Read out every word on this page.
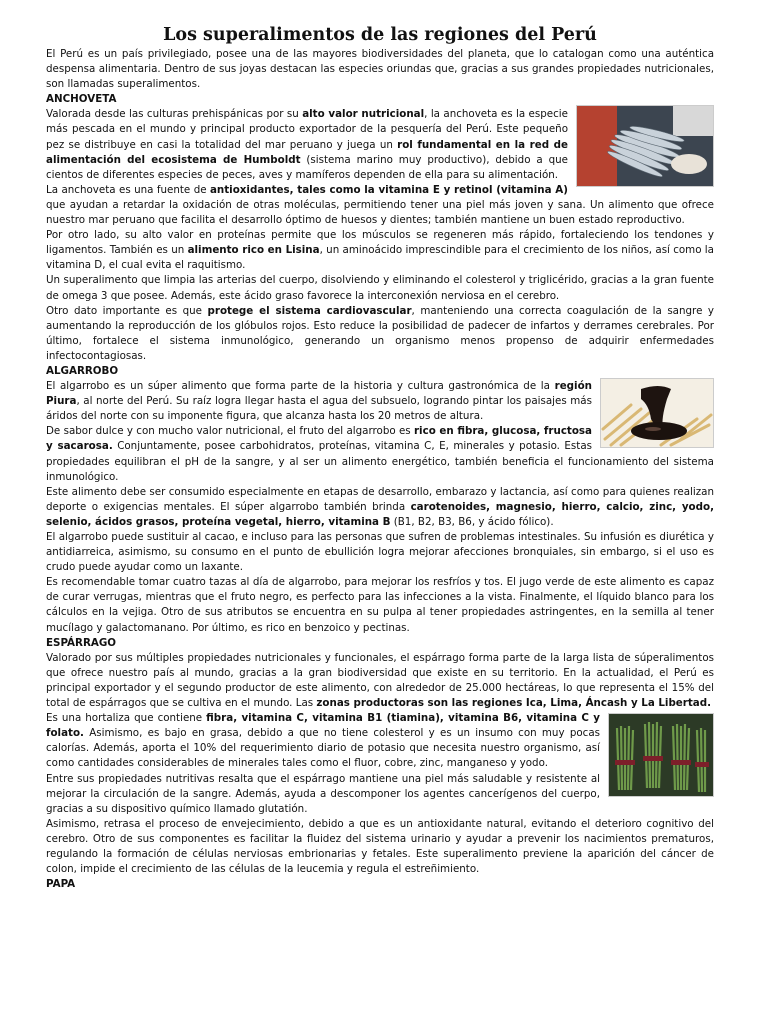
Los superalimentos de las regiones del Perú

El Perú es un país privilegiado, posee una de las mayores biodiversidades del planeta, que lo catalogan como una auténtica despensa alimentaria. Dentro de sus joyas destacan las especies oriundas que, gracias a sus grandes propiedades nutricionales, son llamadas superalimentos.

ANCHOVETA

Valorada desde las culturas prehispánicas por su alto valor nutricional, la anchoveta es la especie más pescada en el mundo y principal producto exportador de la pesquería del Perú. Este pequeño pez se distribuye en casi la totalidad del mar peruano y juega un rol fundamental en la red de alimentación del ecosistema de Humboldt (sistema marino muy productivo), debido a que cientos de diferentes especies de peces, aves y mamíferos dependen de ella para su alimentación.

La anchoveta es una fuente de antioxidantes, tales como la vitamina E y retinol (vitamina A) que ayudan a retardar la oxidación de otras moléculas, permitiendo tener una piel más joven y sana. Un alimento que ofrece nuestro mar peruano que facilita el desarrollo óptimo de huesos y dientes; también mantiene un buen estado reproductivo.

Por otro lado, su alto valor en proteínas permite que los músculos se regeneren más rápido, fortaleciendo los tendones y ligamentos. También es un alimento rico en Lisina, un aminoácido imprescindible para el crecimiento de los niños, así como la vitamina D, el cual evita el raquitismo.

Un superalimento que limpia las arterias del cuerpo, disolviendo y eliminando el colesterol y triglicérido, gracias a la gran fuente de omega 3 que posee. Además, este ácido graso favorece la interconexión nerviosa en el cerebro.

Otro dato importante es que protege el sistema cardiovascular, manteniendo una correcta coagulación de la sangre y aumentando la reproducción de los glóbulos rojos. Esto reduce la posibilidad de padecer de infartos y derrames cerebrales. Por último, fortalece el sistema inmunológico, generando un organismo menos propenso de adquirir enfermedades infectocontagiosas.

ALGARROBO

El algarrobo es un súper alimento que forma parte de la historia y cultura gastronómica de la región Piura, al norte del Perú. Su raíz logra llegar hasta el agua del subsuelo, logrando pintar los paisajes más áridos del norte con su imponente figura, que alcanza hasta los 20 metros de altura.

De sabor dulce y con mucho valor nutricional, el fruto del algarrobo es rico en fibra, glucosa, fructosa y sacarosa. Conjuntamente, posee carbohidratos, proteínas, vitamina C, E, minerales y potasio. Estas propiedades equilibran el pH de la sangre, y al ser un alimento energético, también beneficia el funcionamiento del sistema inmunológico.

Este alimento debe ser consumido especialmente en etapas de desarrollo, embarazo y lactancia, así como para quienes realizan deporte o exigencias mentales. El súper algarrobo también brinda carotenoides, magnesio, hierro, calcio, zinc, yodo, selenio, ácidos grasos, proteína vegetal, hierro, vitamina B (B1, B2, B3, B6, y ácido fólico).

El algarrobo puede sustituir al cacao, e incluso para las personas que sufren de problemas intestinales. Su infusión es diurética y antidiarreica, asimismo, su consumo en el punto de ebullición logra mejorar afecciones bronquiales, sin embargo, si el uso es crudo puede ayudar como un laxante.

Es recomendable tomar cuatro tazas al día de algarrobo, para mejorar los resfríos y tos. El jugo verde de este alimento es capaz de curar verrugas, mientras que el fruto negro, es perfecto para las infecciones a la vista. Finalmente, el líquido blanco para los cálculos en la vejiga. Otro de sus atributos se encuentra en su pulpa al tener propiedades astringentes, en la semilla al tener mucílago y galactomanano. Por último, es rico en benzoico y pectinas.

ESPÁRRAGO

Valorado por sus múltiples propiedades nutricionales y funcionales, el espárrago forma parte de la larga lista de súperalimentos que ofrece nuestro país al mundo, gracias a la gran biodiversidad que existe en su territorio. En la actualidad, el Perú es principal exportador y el segundo productor de este alimento, con alrededor de 25.000 hectáreas, lo que representa el 15% del total de espárragos que se cultiva en el mundo. Las zonas productoras son las regiones Ica, Lima, Áncash y La Libertad.

Es una hortaliza que contiene fibra, vitamina C, vitamina B1 (tiamina), vitamina B6, vitamina C y folato. Asimismo, es bajo en grasa, debido a que no tiene colesterol y es un insumo con muy pocas calorías. Además, aporta el 10% del requerimiento diario de potasio que necesita nuestro organismo, así como cantidades considerables de minerales tales como el fluor, cobre, zinc, manganeso y yodo.

Entre sus propiedades nutritivas resalta que el espárrago mantiene una piel más saludable y resistente al mejorar la circulación de la sangre. Además, ayuda a descomponer los agentes cancerígenos del cuerpo, gracias a su dispositivo químico llamado glutatión.

Asimismo, retrasa el proceso de envejecimiento, debido a que es un antioxidante natural, evitando el deterioro cognitivo del cerebro. Otro de sus componentes es facilitar la fluidez del sistema urinario y ayudar a prevenir los nacimientos prematuros, regulando la formación de células nerviosas embrionarias y fetales. Este superalimento previene la aparición del cáncer de colon, impide el crecimiento de las células de la leucemia y regula el estreñimiento.

PAPA
